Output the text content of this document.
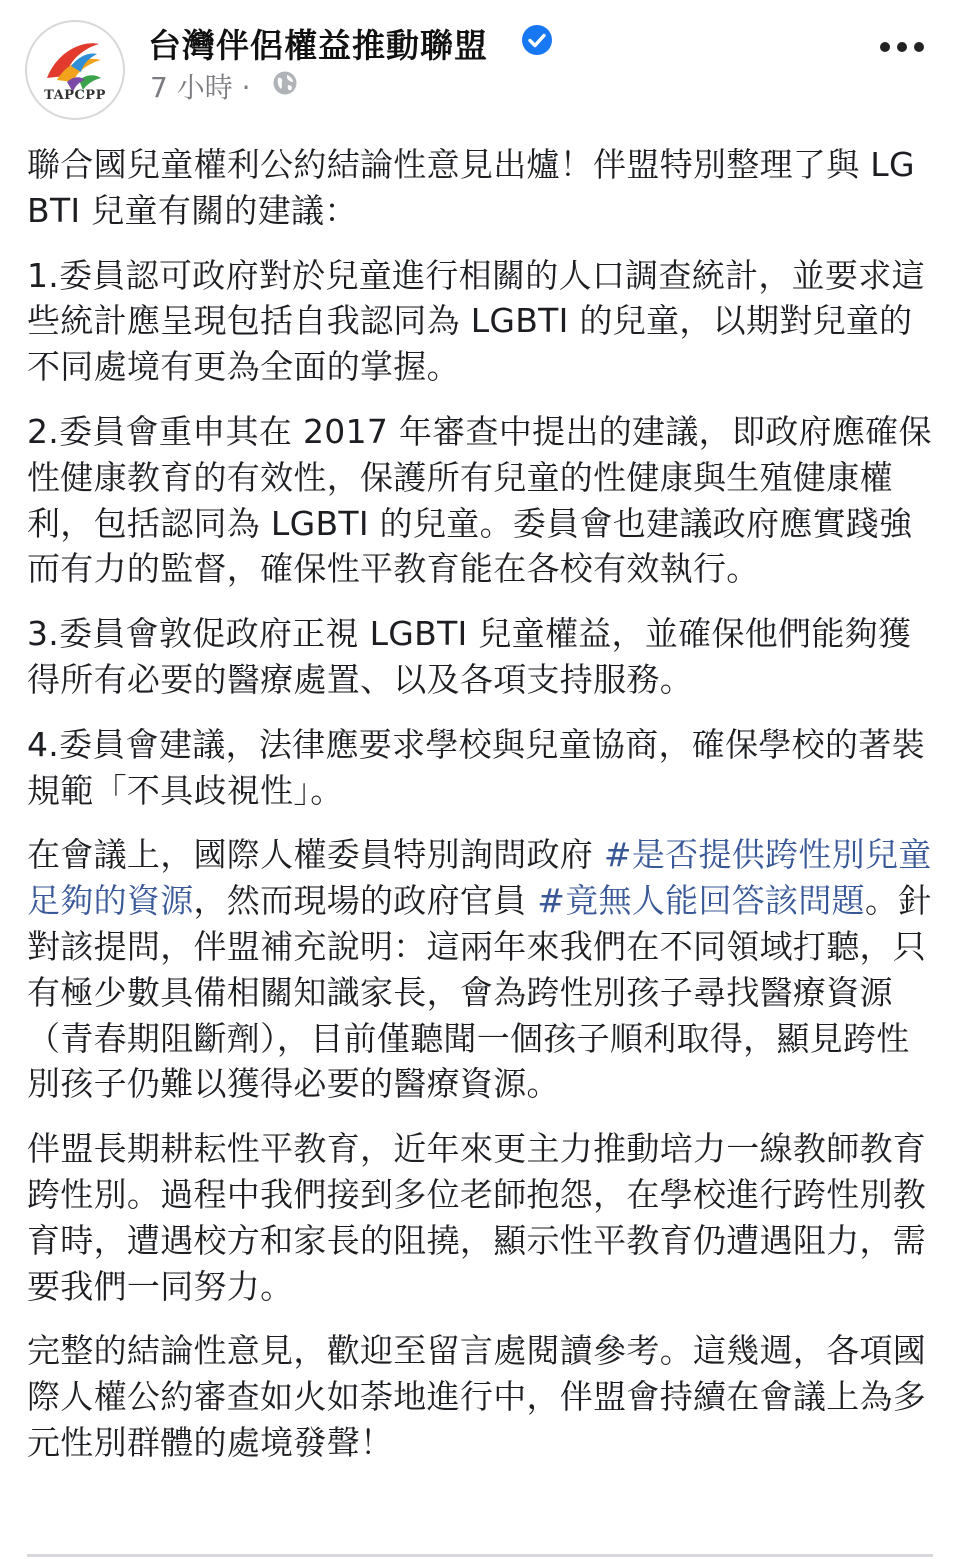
TAPCPP
台灣伴侶權益推動聯盟
7 小時 ·

聯合國兒童權利公約結論性意見出爐！伴盟特別整理了與 LGBTI 兒童有關的建議：

1.委員認可政府對於兒童進行相關的人口調查統計，並要求這些統計應呈現包括自我認同為 LGBTI 的兒童，以期對兒童的不同處境有更為全面的掌握。

2.委員會重申其在 2017 年審查中提出的建議，即政府應確保性健康教育的有效性，保護所有兒童的性健康與生殖健康權利，包括認同為 LGBTI 的兒童。委員會也建議政府應實踐強而有力的監督，確保性平教育能在各校有效執行。

3.委員會敦促政府正視 LGBTI 兒童權益，並確保他們能夠獲得所有必要的醫療處置、以及各項支持服務。

4.委員會建議，法律應要求學校與兒童協商，確保學校的著裝規範「不具歧視性」。

在會議上，國際人權委員特別詢問政府 #是否提供跨性別兒童足夠的資源，然而現場的政府官員 #竟無人能回答該問題。針對該提問，伴盟補充說明：這兩年來我們在不同領域打聽，只有極少數具備相關知識家長，會為跨性別孩子尋找醫療資源（青春期阻斷劑），目前僅聽聞一個孩子順利取得，顯見跨性別孩子仍難以獲得必要的醫療資源。

伴盟長期耕耘性平教育，近年來更主力推動培力一線教師教育跨性別。過程中我們接到多位老師抱怨，在學校進行跨性別教育時，遭遇校方和家長的阻撓，顯示性平教育仍遭遇阻力，需要我們一同努力。

完整的結論性意見，歡迎至留言處閱讀參考。這幾週，各項國際人權公約審查如火如荼地進行中，伴盟會持續在會議上為多元性別群體的處境發聲！
